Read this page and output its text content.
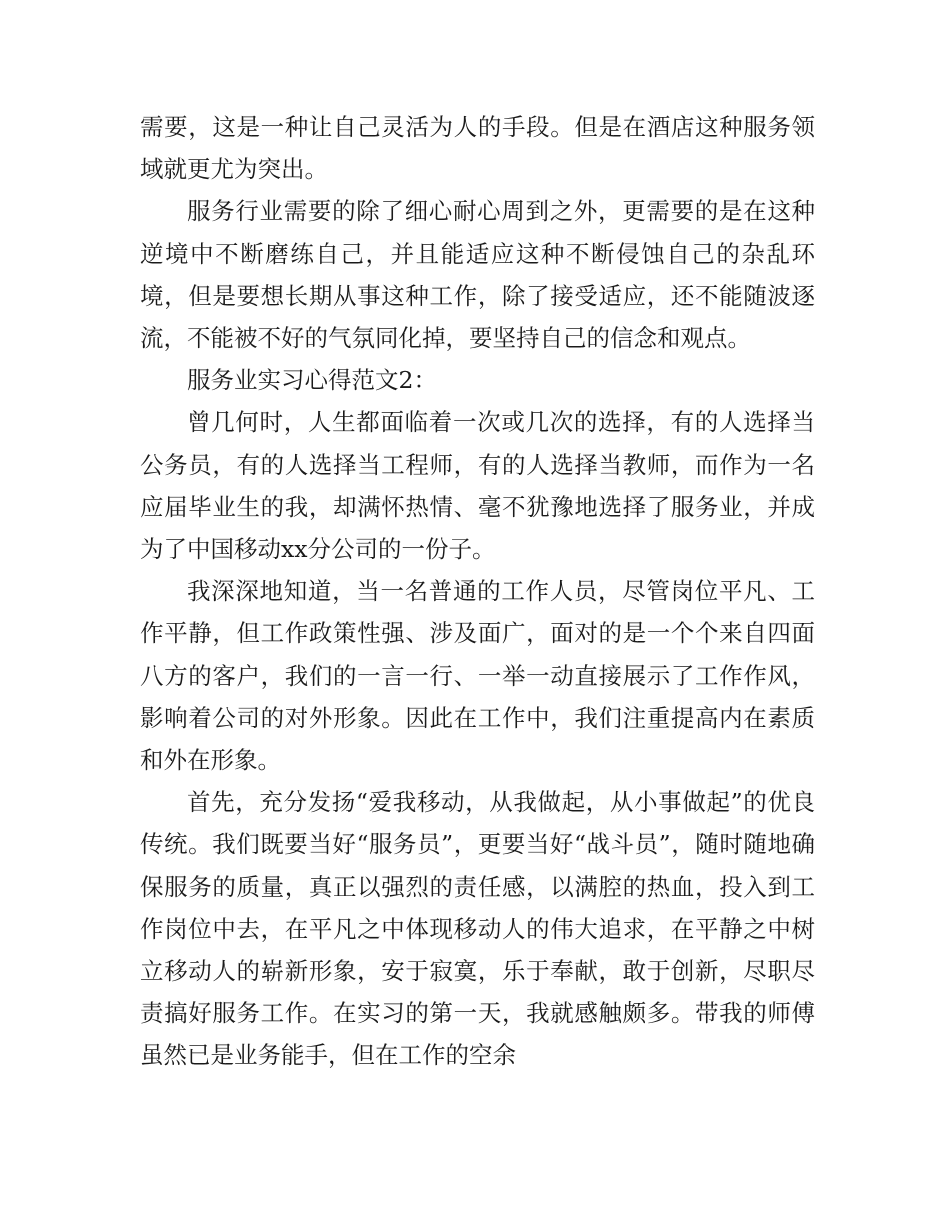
需要，这是一种让自己灵活为人的手段。但是在酒店这种服务领域就更尤为突出。

服务行业需要的除了细心耐心周到之外，更需要的是在这种逆境中不断磨练自己，并且能适应这种不断侵蚀自己的杂乱环境，但是要想长期从事这种工作，除了接受适应，还不能随波逐流，不能被不好的气氛同化掉，要坚持自己的信念和观点。

服务业实习心得范文2：

曾几何时，人生都面临着一次或几次的选择，有的人选择当公务员，有的人选择当工程师，有的人选择当教师，而作为一名应届毕业生的我，却满怀热情、毫不犹豫地选择了服务业，并成为了中国移动xx分公司的一份子。

我深深地知道，当一名普通的工作人员，尽管岗位平凡、工作平静，但工作政策性强、涉及面广，面对的是一个个来自四面八方的客户，我们的一言一行、一举一动直接展示了工作作风，影响着公司的对外形象。因此在工作中，我们注重提高内在素质和外在形象。

首先，充分发扬“爱我移动，从我做起，从小事做起”的优良传统。我们既要当好“服务员”，更要当好“战斗员”，随时随地确保服务的质量，真正以强烈的责任感，以满腔的热血，投入到工作岗位中去，在平凡之中体现移动人的伟大追求，在平静之中树立移动人的崭新形象，安于寂寞，乐于奉献，敢于创新，尽职尽责搞好服务工作。在实习的第一天，我就感触颇多。带我的师傅虽然已是业务能手，但在工作的空余
